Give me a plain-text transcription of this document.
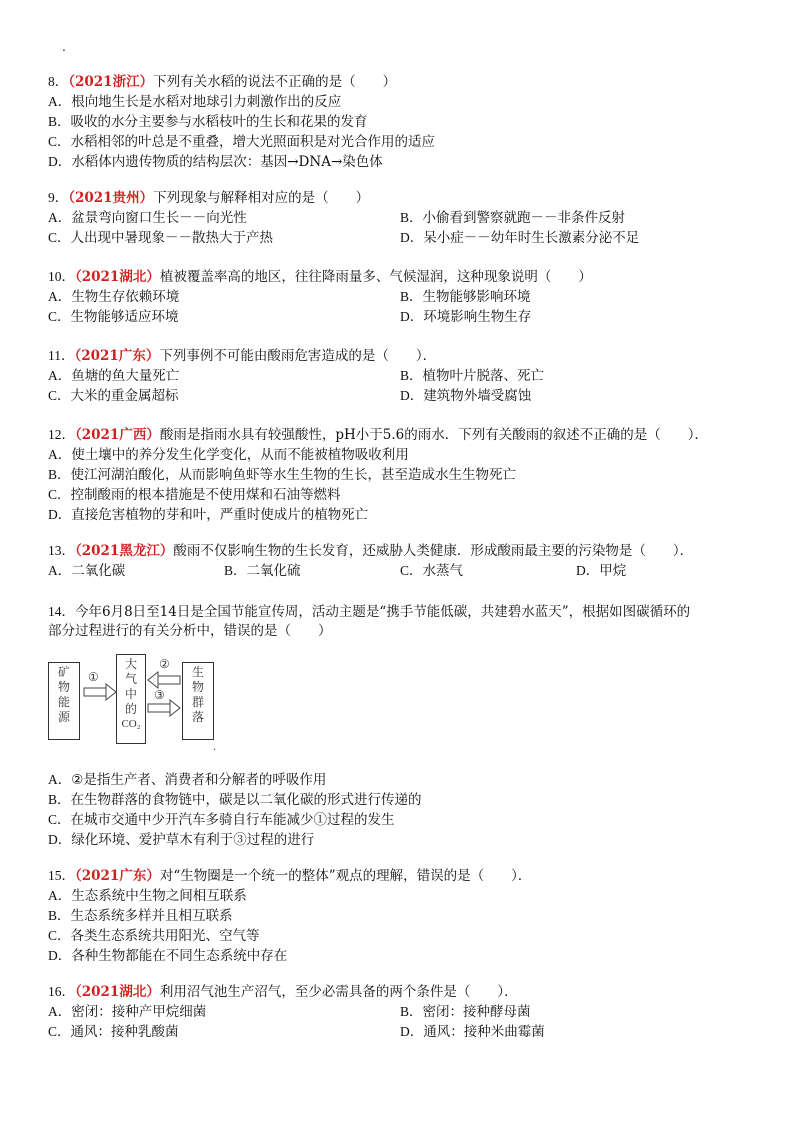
.
8．（2021浙江）下列有关水稻的说法不正确的是（　　）
A．根向地生长是水稻对地球引力刺激作出的反应
B．吸收的水分主要参与水稻枝叶的生长和花果的发育
C．水稻相邻的叶总是不重叠，增大光照面积是对光合作用的适应
D．水稻体内遗传物质的结构层次：基因→DNA→染色体
9．（2021贵州）下列现象与解释相对应的是（　　）
A．盆景弯向窗口生长－－向光性	B．小偷看到警察就跑－－非条件反射
C．人出现中暑现象－－散热大于产热	D．呆小症－－幼年时生长激素分泌不足
10．（2021湖北）植被覆盖率高的地区，往往降雨量多、气候湿润，这种现象说明（　　）
A．生物生存依赖环境	B．生物能够影响环境
C．生物能够适应环境	D．环境影响生物生存
11．（2021广东）下列事例不可能由酸雨危害造成的是（　　）．
A．鱼塘的鱼大量死亡	B．植物叶片脱落、死亡
C．大米的重金属超标	D．建筑物外墙受腐蚀
12．（2021广西）酸雨是指雨水具有较强酸性，pH小于5.6的雨水．下列有关酸雨的叙述不正确的是（　　）．
A．使土壤中的养分发生化学变化，从而不能被植物吸收利用
B．使江河湖泊酸化，从而影响鱼虾等水生生物的生长，甚至造成水生生物死亡
C．控制酸雨的根本措施是不使用煤和石油等燃料
D．直接危害植物的芽和叶，严重时使成片的植物死亡
13．（2021黑龙江）酸雨不仅影响生物的生长发育，还威胁人类健康．形成酸雨最主要的污染物是（　　）．
A．二氧化碳	B．二氧化硫	C．水蒸气	D．甲烷
14．今年6月8日至14日是全国节能宣传周，活动主题是“携手节能低碳，共建碧水蓝天”，根据如图碳循环的
部分过程进行的有关分析中，错误的是（　　）
.
矿物能源
①
大气中的
CO₂
②
③
生物群落
A．②是指生产者、消费者和分解者的呼吸作用
B．在生物群落的食物链中，碳是以二氧化碳的形式进行传递的
C．在城市交通中少开汽车多骑自行车能减少①过程的发生
D．绿化环境、爱护草木有利于③过程的进行
15．（2021广东）对“生物圈是一个统一的整体”观点的理解，错误的是（　　）．
A．生态系统中生物之间相互联系
B．生态系统多样并且相互联系
C．各类生态系统共用阳光、空气等
D．各种生物都能在不同生态系统中存在
16．（2021湖北）利用沼气池生产沼气，至少必需具备的两个条件是（　　）．
A．密闭：接种产甲烷细菌	B．密闭：接种酵母菌
C．通风：接种乳酸菌	D．通风：接种米曲霉菌
